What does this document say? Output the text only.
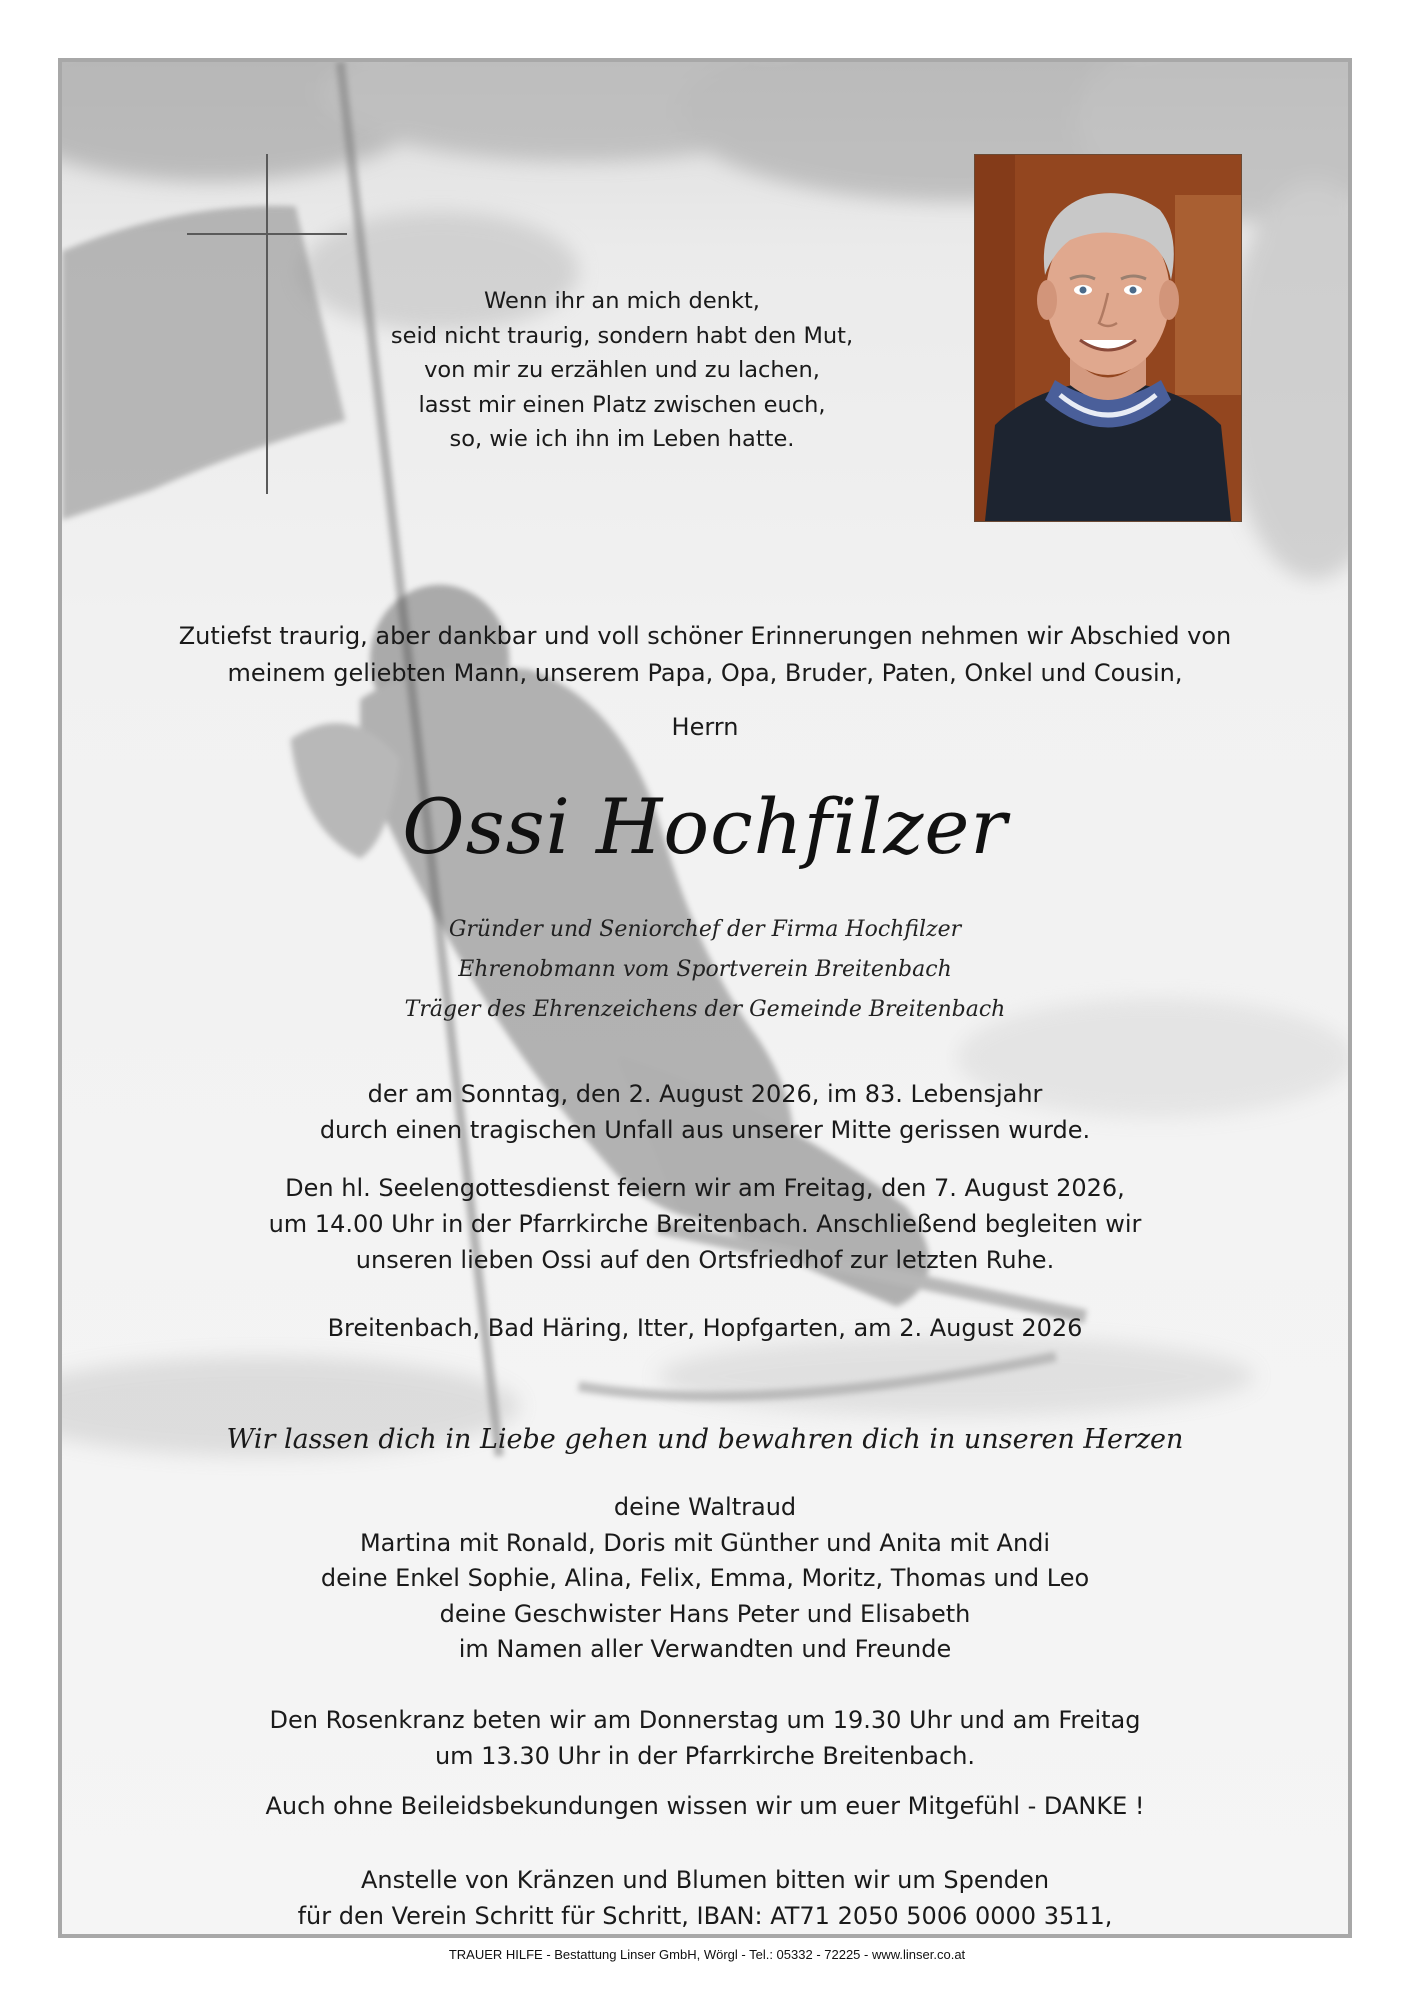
Wenn ihr an mich denkt,
seid nicht traurig, sondern habt den Mut,
von mir zu erzählen und zu lachen,
lasst mir einen Platz zwischen euch,
so, wie ich ihn im Leben hatte.
Zutiefst traurig, aber dankbar und voll schöner Erinnerungen nehmen wir Abschied von
meinem geliebten Mann, unserem Papa, Opa, Bruder, Paten, Onkel und Cousin,
Herrn
Ossi Hochfilzer
Gründer und Seniorchef der Firma Hochfilzer
Ehrenobmann vom Sportverein Breitenbach
Träger des Ehrenzeichens der Gemeinde Breitenbach
der am Sonntag, den 2. August 2026, im 83. Lebensjahr
durch einen tragischen Unfall aus unserer Mitte gerissen wurde.
Den hl. Seelengottesdienst feiern wir am Freitag, den 7. August 2026,
um 14.00 Uhr in der Pfarrkirche Breitenbach. Anschließend begleiten wir
unseren lieben Ossi auf den Ortsfriedhof zur letzten Ruhe.
Breitenbach, Bad Häring, Itter, Hopfgarten, am 2. August 2026
Wir lassen dich in Liebe gehen und bewahren dich in unseren Herzen
deine Waltraud
Martina mit Ronald, Doris mit Günther und Anita mit Andi
deine Enkel Sophie, Alina, Felix, Emma, Moritz, Thomas und Leo
deine Geschwister Hans Peter und Elisabeth
im Namen aller Verwandten und Freunde
Den Rosenkranz beten wir am Donnerstag um 19.30 Uhr und am Freitag
um 13.30 Uhr in der Pfarrkirche Breitenbach.
Auch ohne Beileidsbekundungen wissen wir um euer Mitgefühl - DANKE !
Anstelle von Kränzen und Blumen bitten wir um Spenden
für den Verein Schritt für Schritt, IBAN: AT71 2050 5006 0000 3511,
TRAUER HILFE - Bestattung Linser GmbH, Wörgl - Tel.: 05332 - 72225 - www.linser.co.at
